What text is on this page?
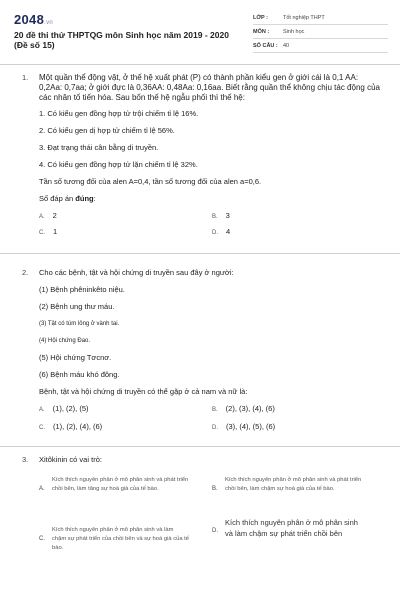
2048.vn
20 đề thi thử THPTQG môn Sinh học năm 2019 - 2020 (Đề số 15)
LỚP :	Tốt nghiệp THPT
MÔN :	Sinh học
SỐ CÂU : 40
1. Một quần thể động vật, ở thế hệ xuất phát (P) có thành phần kiểu gen ở giới cái là 0,1 AA: 0,2Aa: 0,7aa; ở giới đực là 0,36AA: 0,48Aa: 0,16aa. Biết rằng quần thể không chịu tác động của các nhân tố tiến hóa. Sau bốn thế hệ ngẫu phối thì thế hệ:

1. Có kiểu gen đồng hợp tử trội chiếm tỉ lệ 16%.

2. Có kiểu gen dị hợp tử chiếm tỉ lệ 56%.

3. Đạt trạng thái cân bằng di truyền.

4. Có kiểu gen đồng hợp tử lặn chiếm tỉ lệ 32%.

Tần số tương đối của alen A=0,4, tần số tương đối của alen a=0,6.

Số đáp án đúng:

A. 2	B. 3
C. 1	D. 4
2. Cho các bệnh, tật và hội chứng di truyền sau đây ở người:

(1) Bệnh phêninkêto niệu.

(2) Bệnh ung thư máu.

(3) Tật có túm lông ở vành tai.

(4) Hội chứng Đao.

(5) Hội chứng Tơcnơ.

(6) Bệnh máu khó đông.

Bệnh, tật và hội chứng di truyền có thể gặp ở cả nam và nữ là:

A. (1), (2), (5)	B. (2), (3), (4), (6)
C. (1), (2), (4), (6)	D. (3), (4), (5), (6)
3. Xitôkinin có vai trò:

A.
Kích thích nguyên phân ở mô phân sinh và phát triển chồi bên, làm tăng sự hoá già của tế bào.	B.
Kích thích nguyên phân ở mô phân sinh và phát triển chồi bên, làm chậm sự hoá già của tế bào.
C.
Kích thích nguyên phân ở mô phân sinh và làm chậm sự phát triển của chồi bên và sự hoá già của tế bào.
D.
Kích thích nguyên phân ở mô phân sinh và làm chậm sự phát triển chồi bên
